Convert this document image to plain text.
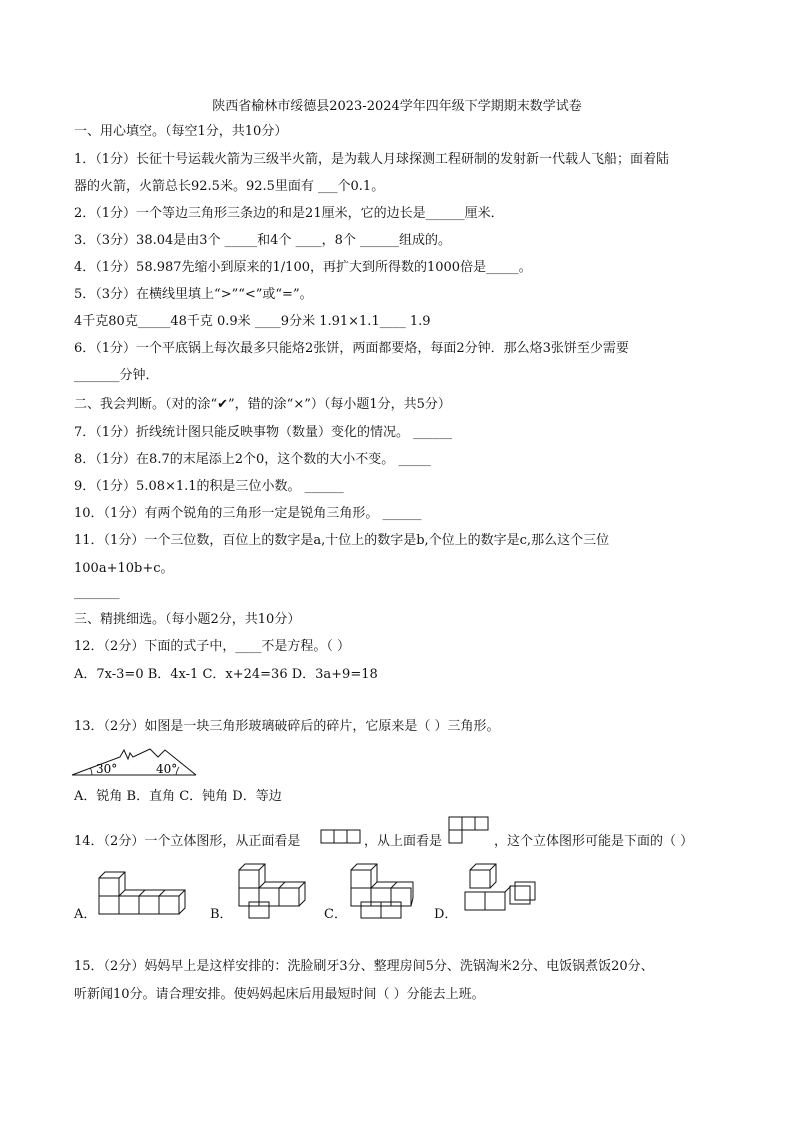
陕西省榆林市绥德县2023-2024学年四年级下学期期末数学试卷
一、用心填空。（每空1分，共10分）
1．（1分）长征十号运载火箭为三级半火箭，是为载人月球探测工程研制的发射新一代载人飞船；面着陆
器的火箭，火箭总长92.5米。92.5里面有 ___个0.1。
2．（1分）一个等边三角形三条边的和是21厘米，它的边长是______厘米．
3．（3分）38.04是由3个 _____和4个 ____，8个 ______组成的。
4．（1分）58.987先缩小到原来的1/100，再扩大到所得数的1000倍是_____。
5．（3分）在横线里填上“>”“<”或“=”。
4千克80克_____48千克 0.9米 ____9分米 1.91×1.1____ 1.9
6．（1分）一个平底锅上每次最多只能烙2张饼，两面都要烙，每面2分钟．那么烙3张饼至少需要
_______分钟．
二、我会判断。（对的涂“✔”，错的涂“×”）（每小题1分，共5分）
7．（1分）折线统计图只能反映事物（数量）变化的情况。 ______
8．（1分）在8.7的末尾添上2个0，这个数的大小不变。 _____
9．（1分）5.08×1.1的积是三位小数。 ______
10．（1分）有两个锐角的三角形一定是锐角三角形。 ______
11．（1分）一个三位数，百位上的数字是a,十位上的数字是b,个位上的数字是c,那么这个三位
100a+10b+c。
_______
三、精挑细选。（每小题2分，共10分）
12．（2分）下面的式子中，____不是方程。（ ）
A．7x-3=0 B．4x-1 C．x+24=36 D．3a+9=18
13．（2分）如图是一块三角形玻璃破碎后的碎片，它原来是（ ）三角形。
30°	40°
A．锐角 B．直角 C．钝角 D．等边
14．（2分）一个立体图形，从正面看是	，从上面看是	，这个立体图形可能是下面的（ ）
A．	B．	C．	D．
15．（2分）妈妈早上是这样安排的：洗脸刷牙3分、整理房间5分、洗锅淘米2分、电饭锅煮饭20分、
听新闻10分。请合理安排。使妈妈起床后用最短时间（ ）分能去上班。
